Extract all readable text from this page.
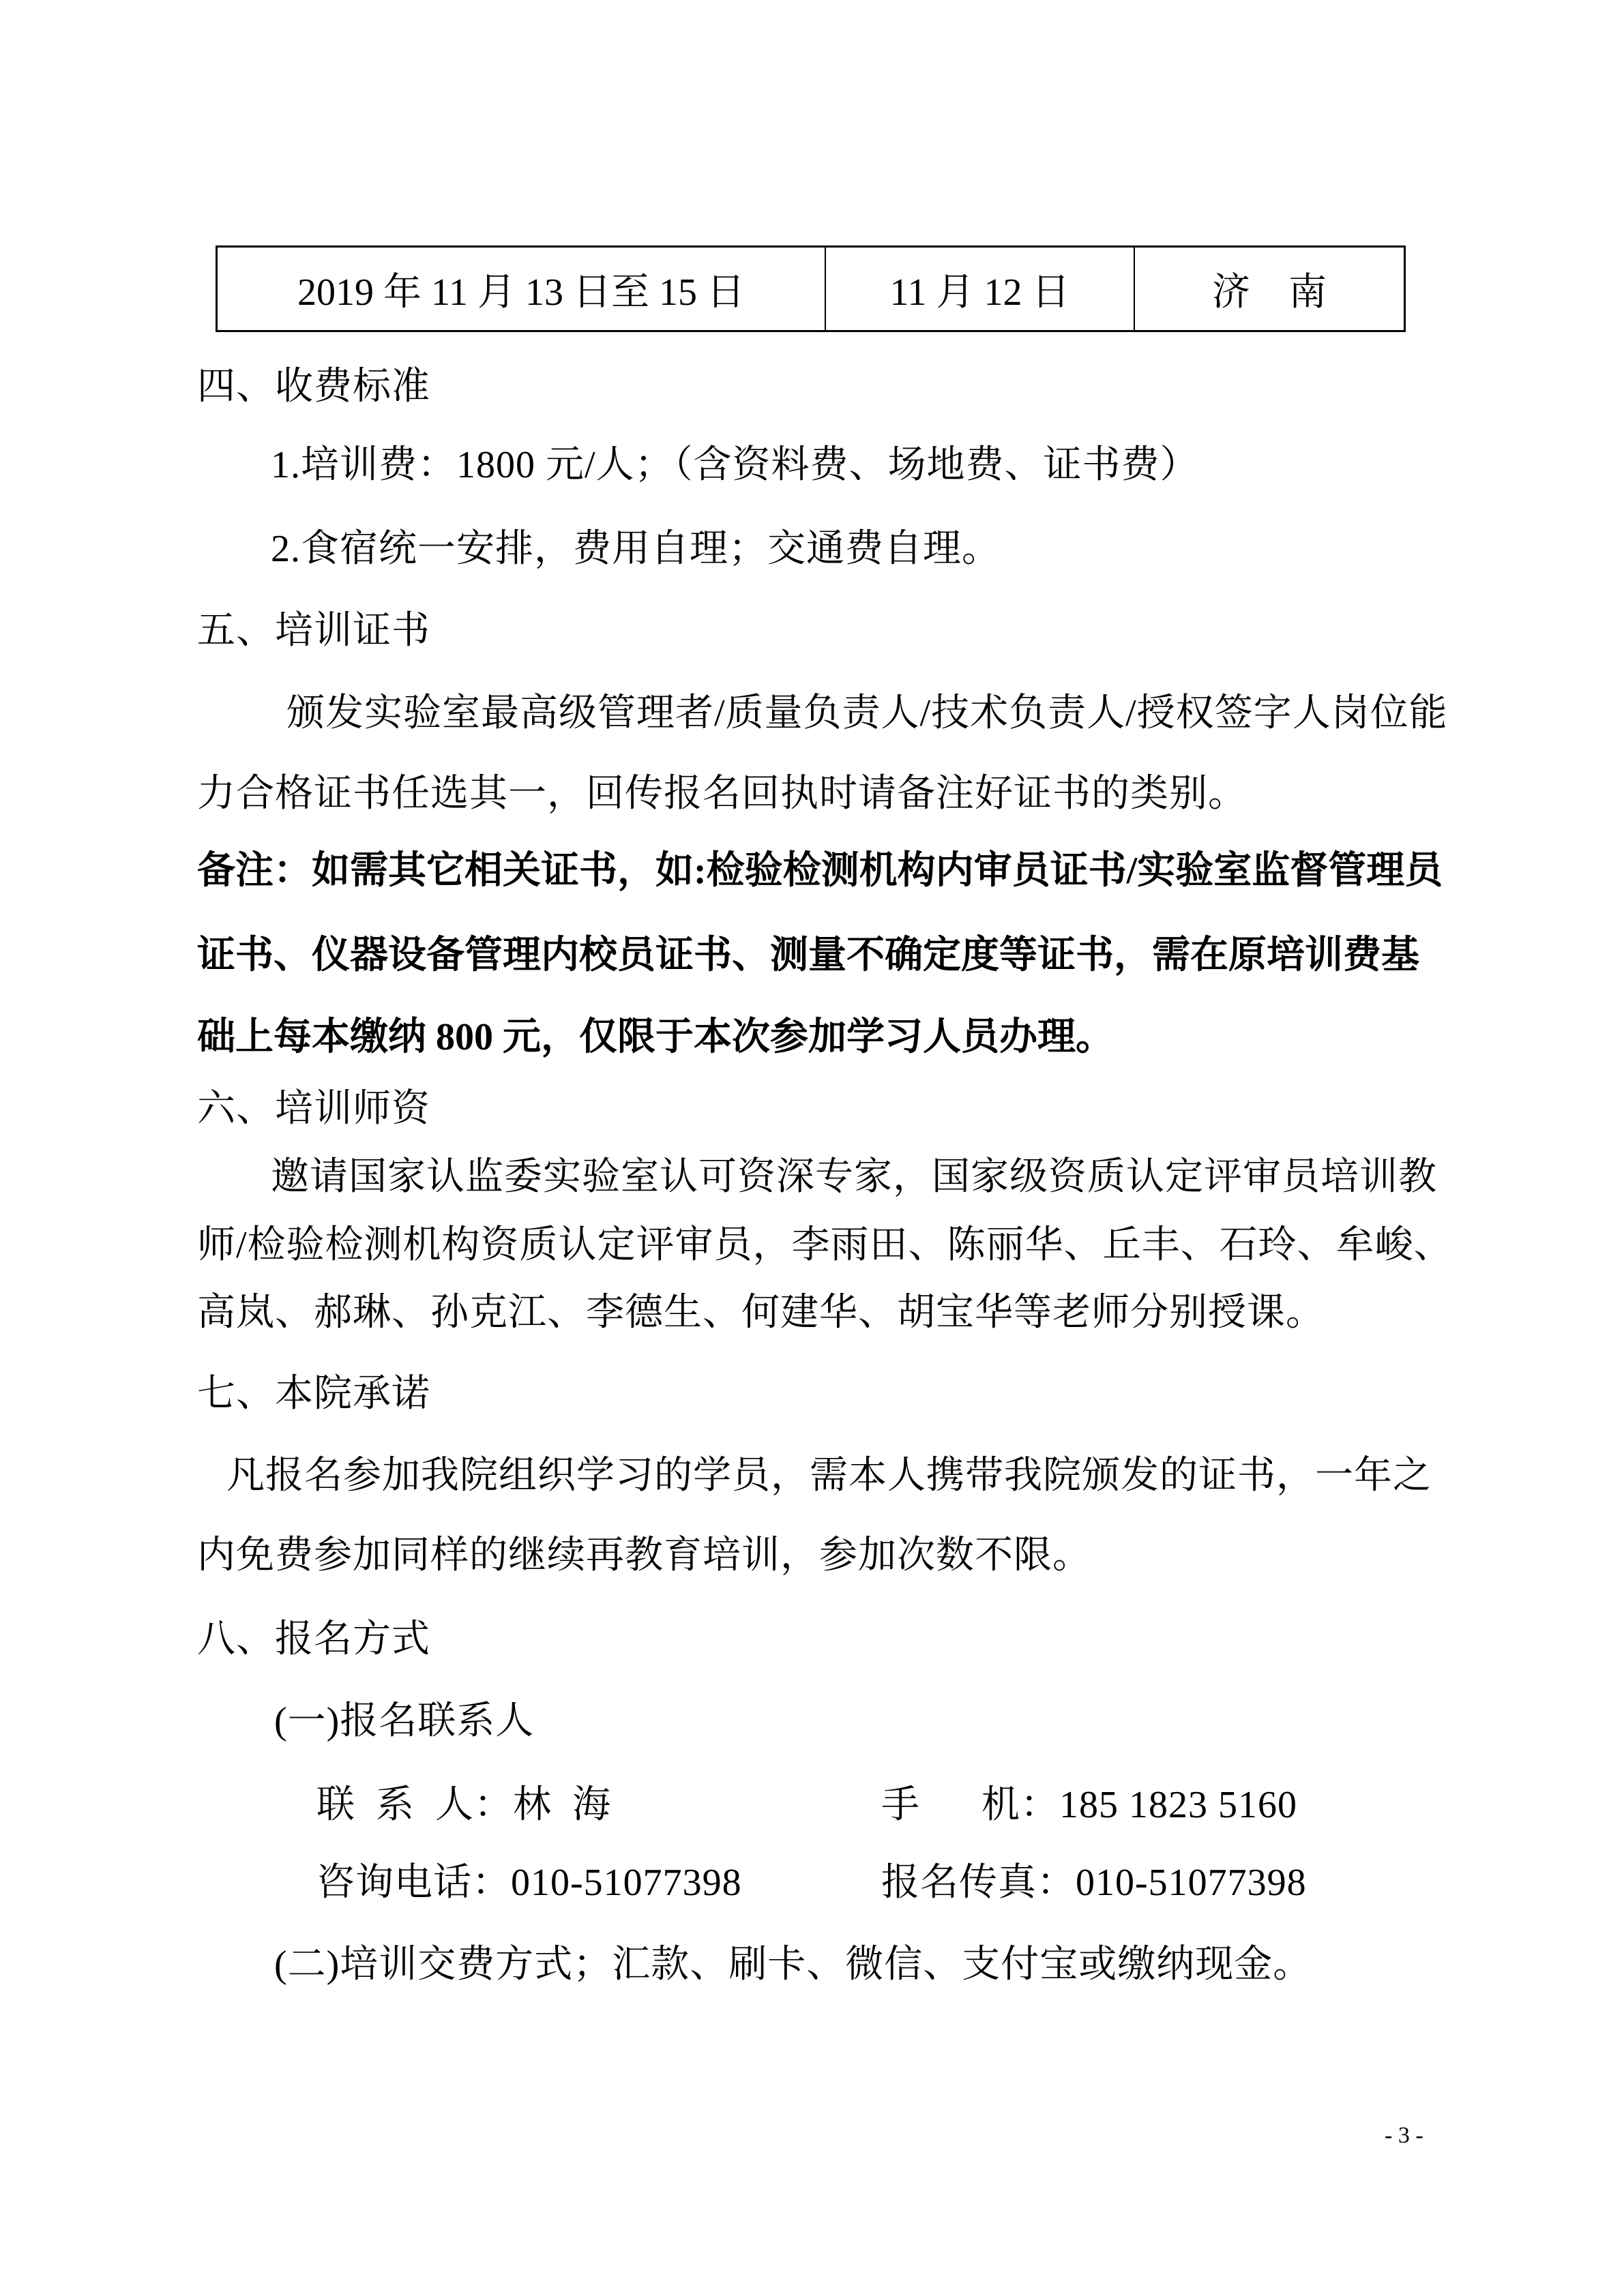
2019 年 11 月 13 日至 15 日	11 月 12 日	济　南
四、收费标准
1.培训费：1800 元/人；（含资料费、场地费、证书费）
2.食宿统一安排，费用自理；交通费自理。
五、培训证书
颁发实验室最高级管理者/质量负责人/技术负责人/授权签字人岗位能
力合格证书任选其一，回传报名回执时请备注好证书的类别。
备注：如需其它相关证书，如:检验检测机构内审员证书/实验室监督管理员
证书、仪器设备管理内校员证书、测量不确定度等证书，需在原培训费基
础上每本缴纳 800 元，仅限于本次参加学习人员办理。
六、培训师资
邀请国家认监委实验室认可资深专家，国家级资质认定评审员培训教
师/检验检测机构资质认定评审员，李雨田、陈丽华、丘丰、石玲、牟峻、
高岚、郝琳、孙克江、李德生、何建华、胡宝华等老师分别授课。
七、本院承诺
凡报名参加我院组织学习的学员，需本人携带我院颁发的证书，一年之
内免费参加同样的继续再教育培训，参加次数不限。
八、报名方式
(一)报名联系人
联  系  人：林  海	手      机：185 1823 5160
咨询电话：010-51077398	报名传真：010-51077398
(二)培训交费方式；汇款、刷卡、微信、支付宝或缴纳现金。
- 3 -
